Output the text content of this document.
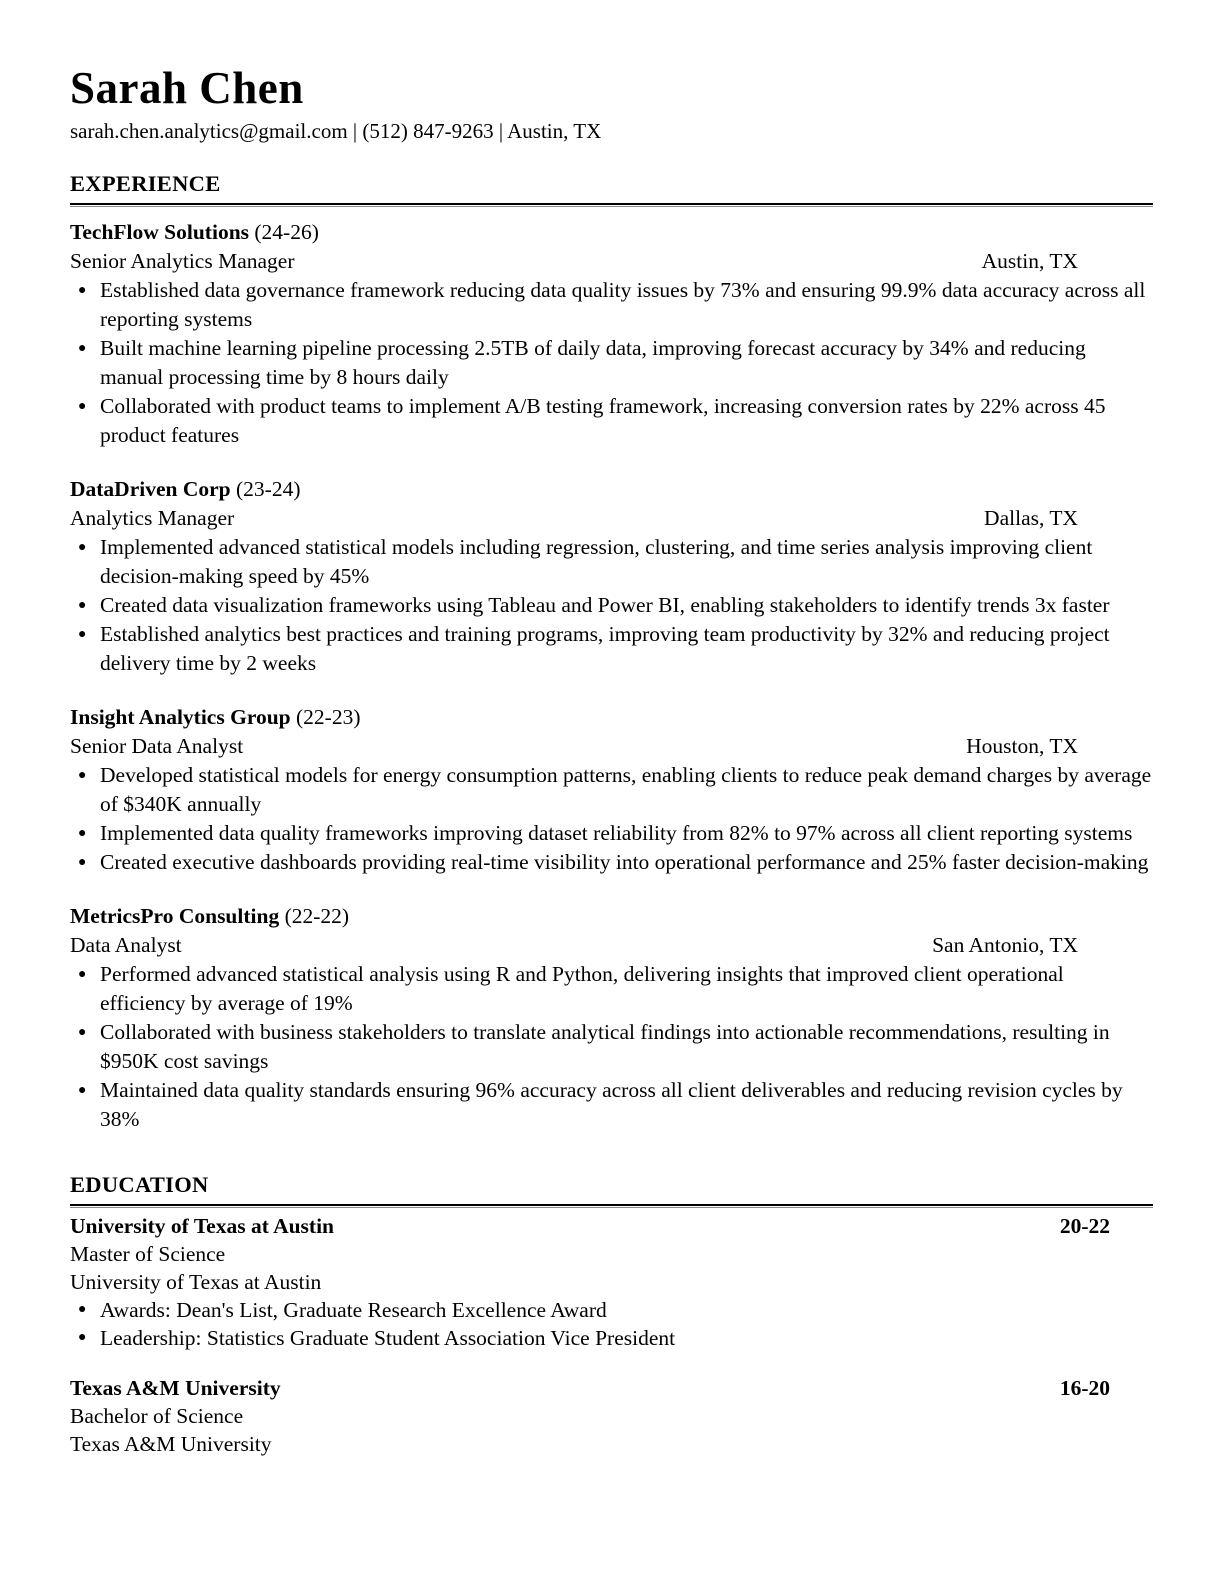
Sarah Chen
sarah.chen.analytics@gmail.com | (512) 847-9263 | Austin, TX
EXPERIENCE
TechFlow Solutions (24-26)
Senior Analytics Manager	Austin, TX
● Established data governance framework reducing data quality issues by 73% and ensuring 99.9% data accuracy across all reporting systems
● Built machine learning pipeline processing 2.5TB of daily data, improving forecast accuracy by 34% and reducing manual processing time by 8 hours daily
● Collaborated with product teams to implement A/B testing framework, increasing conversion rates by 22% across 45 product features
DataDriven Corp (23-24)
Analytics Manager	Dallas, TX
● Implemented advanced statistical models including regression, clustering, and time series analysis improving client decision-making speed by 45%
● Created data visualization frameworks using Tableau and Power BI, enabling stakeholders to identify trends 3x faster
● Established analytics best practices and training programs, improving team productivity by 32% and reducing project delivery time by 2 weeks
Insight Analytics Group (22-23)
Senior Data Analyst	Houston, TX
● Developed statistical models for energy consumption patterns, enabling clients to reduce peak demand charges by average of $340K annually
● Implemented data quality frameworks improving dataset reliability from 82% to 97% across all client reporting systems
● Created executive dashboards providing real-time visibility into operational performance and 25% faster decision-making
MetricsPro Consulting (22-22)
Data Analyst	San Antonio, TX
● Performed advanced statistical analysis using R and Python, delivering insights that improved client operational efficiency by average of 19%
● Collaborated with business stakeholders to translate analytical findings into actionable recommendations, resulting in $950K cost savings
● Maintained data quality standards ensuring 96% accuracy across all client deliverables and reducing revision cycles by 38%
EDUCATION
University of Texas at Austin	20-22
Master of Science
University of Texas at Austin
● Awards: Dean's List, Graduate Research Excellence Award
● Leadership: Statistics Graduate Student Association Vice President
Texas A&M University	16-20
Bachelor of Science
Texas A&M University
